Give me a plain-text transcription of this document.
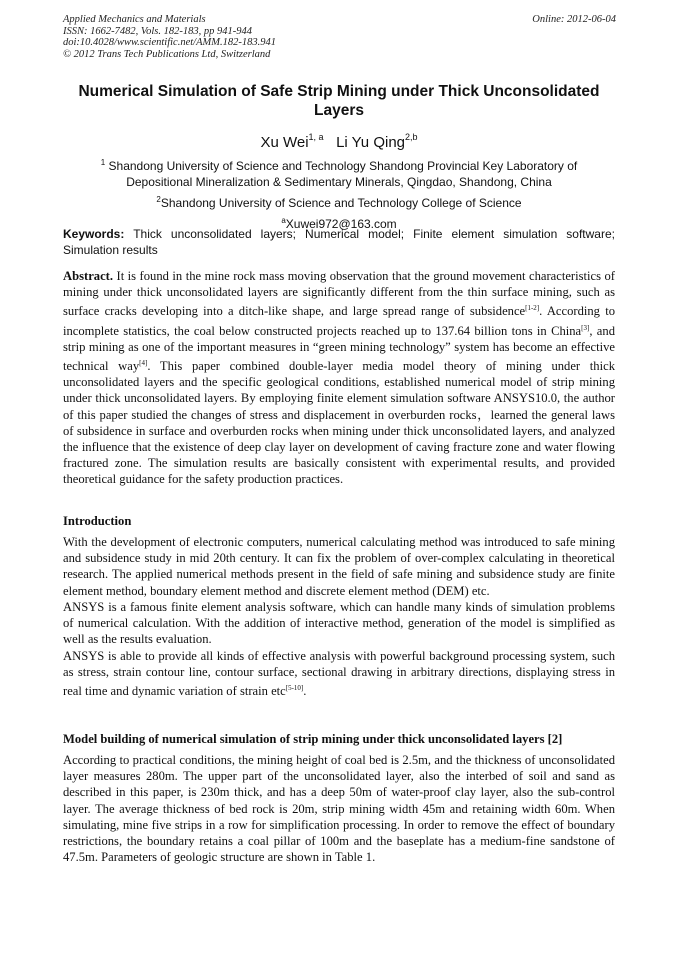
Applied Mechanics and Materials
ISSN: 1662-7482, Vols. 182-183, pp 941-944
doi:10.4028/www.scientific.net/AMM.182-183.941
© 2012 Trans Tech Publications Ltd, Switzerland
Online: 2012-06-04
Numerical Simulation of Safe Strip Mining under Thick Unconsolidated Layers
Xu Wei$^{1, a}$ Li Yu Qing$^{2,b}$
$^1$ Shandong University of Science and Technology Shandong Provincial Key Laboratory of Depositional Mineralization & Sedimentary Minerals, Qingdao, Shandong, China
$^2$Shandong University of Science and Technology College of Science
$^a$Xuwei972@163.com
Keywords: Thick unconsolidated layers; Numerical model; Finite element simulation software; Simulation results

Abstract. It is found in the mine rock mass moving observation that the ground movement characteristics of mining under thick unconsolidated layers are significantly different from the thin surface mining, such as surface cracks developing into a ditch-like shape, and large spread range of subsidence[1-2]. According to incomplete statistics, the coal below constructed projects reached up to 137.64 billion tons in China[3], and strip mining as one of the important measures in “green mining technology” system has become an effective technical way[4]. This paper combined double-layer media model theory of mining under thick unconsolidated layers and the specific geological conditions, established numerical model of strip mining under thick unconsolidated layers. By employing finite element simulation software ANSYS10.0, the author of this paper studied the changes of stress and displacement in overburden rocks，learned the general laws of subsidence in surface and overburden rocks when mining under thick unconsolidated layers, and analyzed the influence that the existence of deep clay layer on development of caving fracture zone and water flowing fractured zone. The simulation results are basically consistent with experimental results, and provided theoretical guidance for the safety production practices.

Introduction

With the development of electronic computers, numerical calculating method was introduced to safe mining and subsidence study in mid 20th century. It can fix the problem of over-complex calculating in theoretical research. The applied numerical methods present in the field of safe mining and subsidence study are finite element method, boundary element method and discrete element method (DEM) etc.

ANSYS is a famous finite element analysis software, which can handle many kinds of simulation problems of numerical calculation. With the addition of interactive method, generation of the model is simplified as well as the results evaluation.

ANSYS is able to provide all kinds of effective analysis with powerful background processing system, such as stress, strain contour line, contour surface, sectional drawing in arbitrary directions, displaying stress in real time and dynamic variation of strain etc[5-10].

Model building of numerical simulation of strip mining under thick unconsolidated layers [2]

According to practical conditions, the mining height of coal bed is 2.5m, and the thickness of unconsolidated layer measures 280m. The upper part of the unconsolidated layer, also the interbed of soil and sand as described in this paper, is 230m thick, and has a deep 50m of water-proof clay layer, also the sub-control layer. The average thickness of bed rock is 20m, strip mining width 45m and retaining width 60m. When simulating, mine five strips in a row for simplification processing. In order to remove the effect of boundary restrictions, the boundary retains a coal pillar of 100m and the baseplate has a medium-fine sandstone of 47.5m. Parameters of geologic structure are shown in Table 1.
